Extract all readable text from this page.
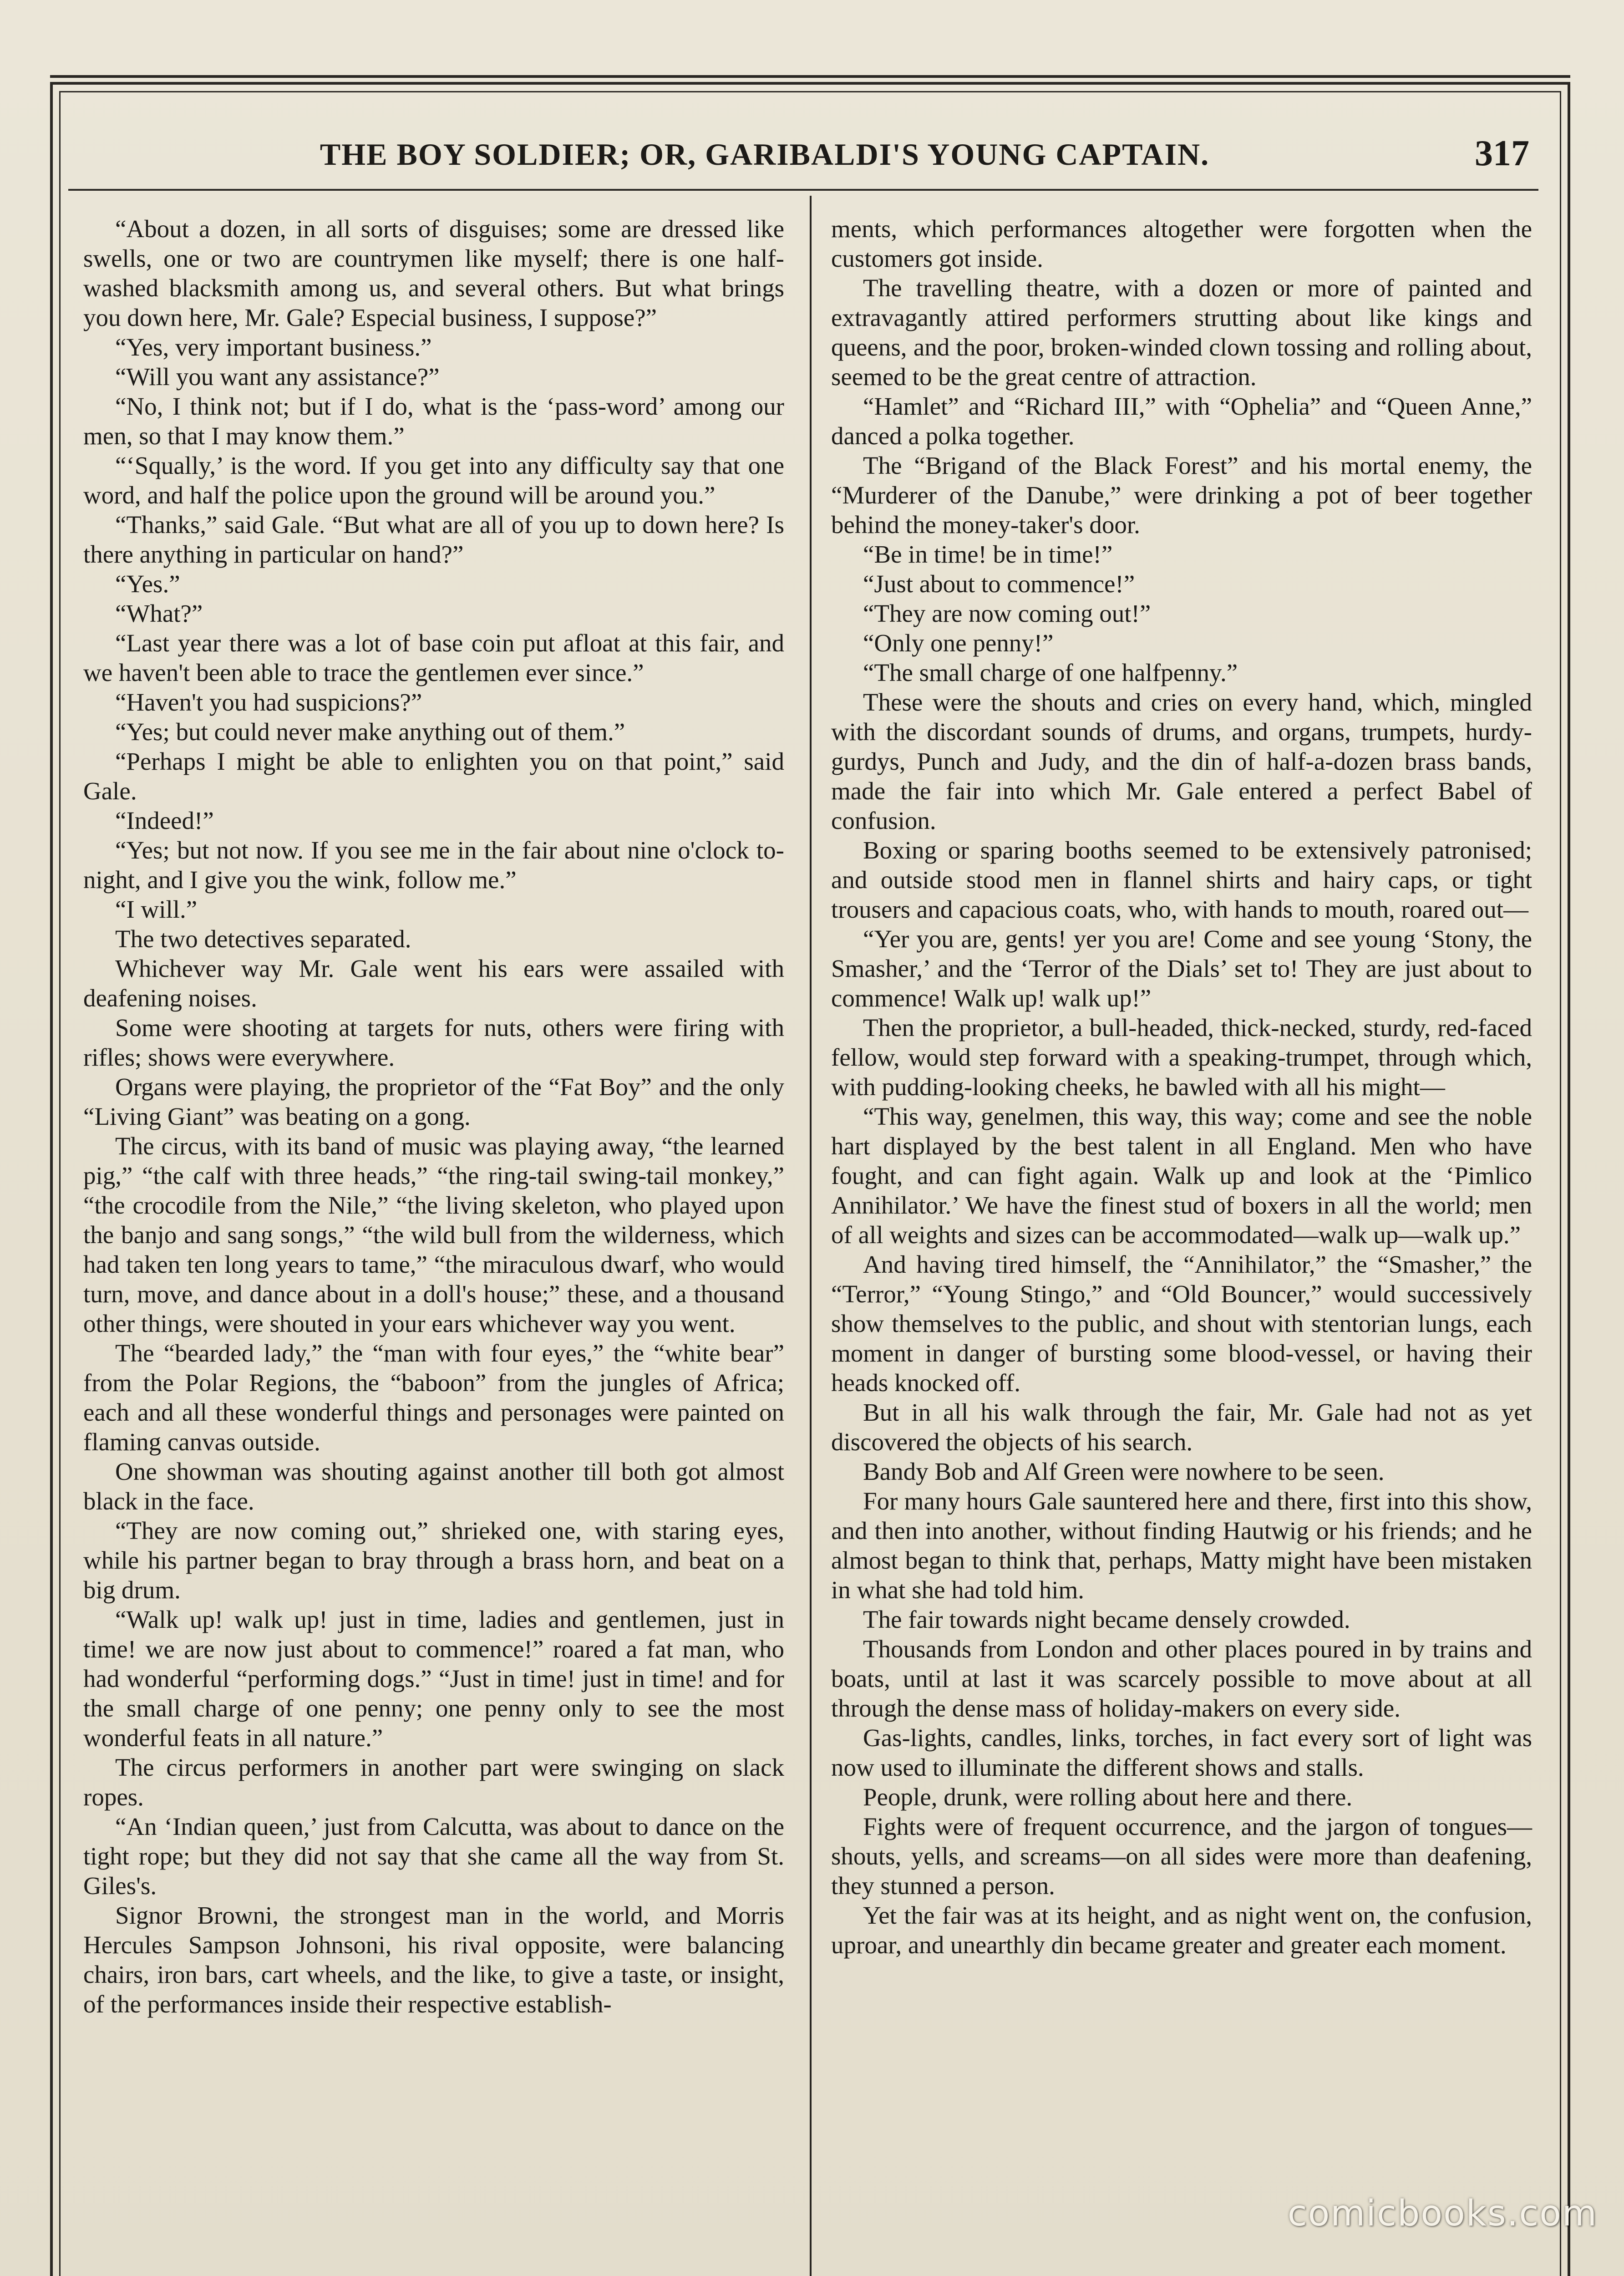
THE BOY SOLDIER; OR, GARIBALDI'S YOUNG CAPTAIN.	317

“About a dozen, in all sorts of disguises; some are dressed like swells, one or two are countrymen like myself; there is one half-washed blacksmith among us, and several others. But what brings you down here, Mr. Gale? Especial business, I suppose?”

“Yes, very important business.”

“Will you want any assistance?”

“No, I think not; but if I do, what is the ‘pass-word’ among our men, so that I may know them.”

“‘Squally,’ is the word. If you get into any difficulty say that one word, and half the police upon the ground will be around you.”

“Thanks,” said Gale. “But what are all of you up to down here? Is there anything in particular on hand?”

“Yes.”

“What?”

“Last year there was a lot of base coin put afloat at this fair, and we haven't been able to trace the gentlemen ever since.”

“Haven't you had suspicions?”

“Yes; but could never make anything out of them.”

“Perhaps I might be able to enlighten you on that point,” said Gale.

“Indeed!”

“Yes; but not now. If you see me in the fair about nine o'clock to-night, and I give you the wink, follow me.”

“I will.”

The two detectives separated.

Whichever way Mr. Gale went his ears were assailed with deafening noises.

Some were shooting at targets for nuts, others were firing with rifles; shows were everywhere.

Organs were playing, the proprietor of the “Fat Boy” and the only “Living Giant” was beating on a gong.

The circus, with its band of music was playing away, “the learned pig,” “the calf with three heads,” “the ring-tail swing-tail monkey,” “the crocodile from the Nile,” “the living skeleton, who played upon the banjo and sang songs,” “the wild bull from the wilderness, which had taken ten long years to tame,” “the miraculous dwarf, who would turn, move, and dance about in a doll's house;” these, and a thousand other things, were shouted in your ears whichever way you went.

The “bearded lady,” the “man with four eyes,” the “white bear” from the Polar Regions, the “baboon” from the jungles of Africa; each and all these wonderful things and personages were painted on flaming canvas outside.

One showman was shouting against another till both got almost black in the face.

“They are now coming out,” shrieked one, with staring eyes, while his partner began to bray through a brass horn, and beat on a big drum.

“Walk up! walk up! just in time, ladies and gentlemen, just in time! we are now just about to commence!” roared a fat man, who had wonderful “performing dogs.” “Just in time! just in time! and for the small charge of one penny; one penny only to see the most wonderful feats in all nature.”

The circus performers in another part were swinging on slack ropes.

“An ‘Indian queen,’ just from Calcutta, was about to dance on the tight rope; but they did not say that she came all the way from St. Giles's.

Signor Browni, the strongest man in the world, and Morris Hercules Sampson Johnsoni, his rival opposite, were balancing chairs, iron bars, cart wheels, and the like, to give a taste, or insight, of the performances inside their respective establish-

ments, which performances altogether were forgotten when the customers got inside.

The travelling theatre, with a dozen or more of painted and extravagantly attired performers strutting about like kings and queens, and the poor, broken-winded clown tossing and rolling about, seemed to be the great centre of attraction.

“Hamlet” and “Richard III,” with “Ophelia” and “Queen Anne,” danced a polka together.

The “Brigand of the Black Forest” and his mortal enemy, the “Murderer of the Danube,” were drinking a pot of beer together behind the money-taker's door.

“Be in time! be in time!”

“Just about to commence!”

“They are now coming out!”

“Only one penny!”

“The small charge of one halfpenny.”

These were the shouts and cries on every hand, which, mingled with the discordant sounds of drums, and organs, trumpets, hurdy-gurdys, Punch and Judy, and the din of half-a-dozen brass bands, made the fair into which Mr. Gale entered a perfect Babel of confusion.

Boxing or sparing booths seemed to be extensively patronised; and outside stood men in flannel shirts and hairy caps, or tight trousers and capacious coats, who, with hands to mouth, roared out—

“Yer you are, gents! yer you are! Come and see young ‘Stony, the Smasher,’ and the ‘Terror of the Dials’ set to! They are just about to commence! Walk up! walk up!”

Then the proprietor, a bull-headed, thick-necked, sturdy, red-faced fellow, would step forward with a speaking-trumpet, through which, with pudding-looking cheeks, he bawled with all his might—

“This way, genelmen, this way, this way; come and see the noble hart displayed by the best talent in all England. Men who have fought, and can fight again. Walk up and look at the ‘Pimlico Annihilator.’ We have the finest stud of boxers in all the world; men of all weights and sizes can be accommodated—walk up—walk up.”

And having tired himself, the “Annihilator,” the “Smasher,” the “Terror,” “Young Stingo,” and “Old Bouncer,” would successively show themselves to the public, and shout with stentorian lungs, each moment in danger of bursting some blood-vessel, or having their heads knocked off.

But in all his walk through the fair, Mr. Gale had not as yet discovered the objects of his search.

Bandy Bob and Alf Green were nowhere to be seen.

For many hours Gale sauntered here and there, first into this show, and then into another, without finding Hautwig or his friends; and he almost began to think that, perhaps, Matty might have been mistaken in what she had told him.

The fair towards night became densely crowded.

Thousands from London and other places poured in by trains and boats, until at last it was scarcely possible to move about at all through the dense mass of holiday-makers on every side.

Gas-lights, candles, links, torches, in fact every sort of light was now used to illuminate the different shows and stalls.

People, drunk, were rolling about here and there.

Fights were of frequent occurrence, and the jargon of tongues—shouts, yells, and screams—on all sides were more than deafening, they stunned a person.

Yet the fair was at its height, and as night went on, the confusion, uproar, and unearthly din became greater and greater each moment.

comicbooks.com
